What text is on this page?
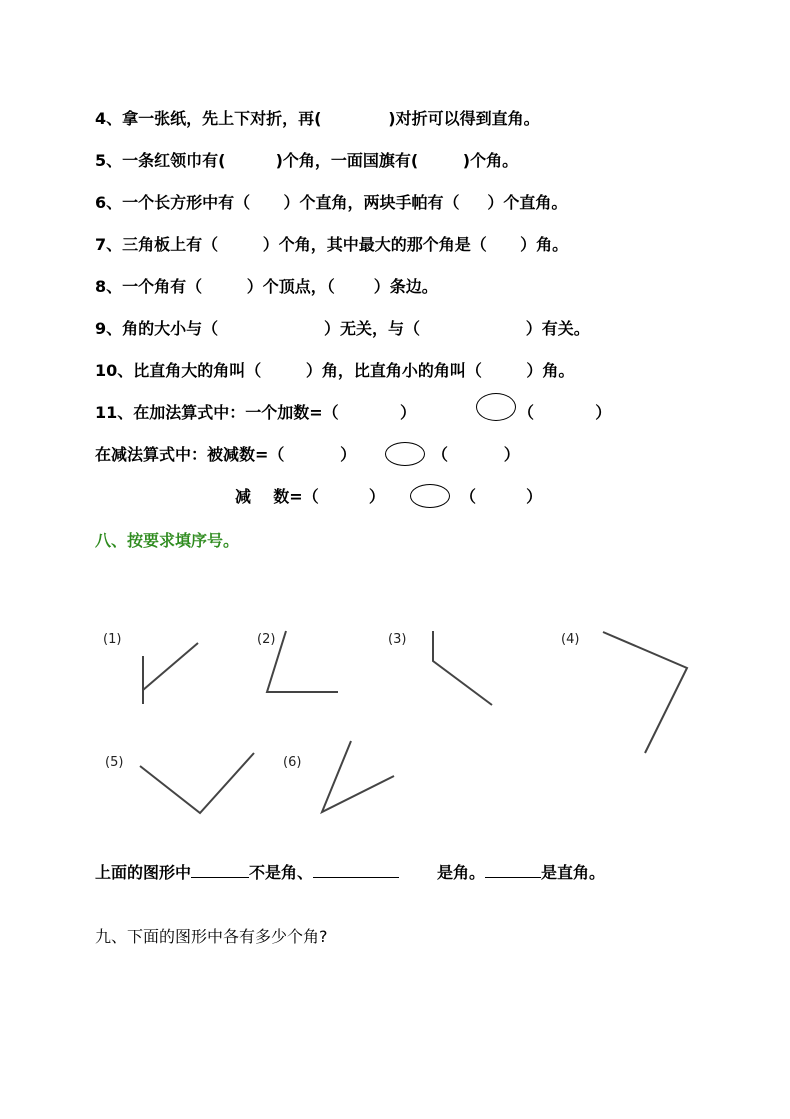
4、拿一张纸，先上下对折，再(            )对折可以得到直角。
5、一条红领巾有(         )个角，一面国旗有(        )个角。
6、一个长方形中有（      ）个直角，两块手帕有（     ）个直角。
7、三角板上有（        ）个角，其中最大的那个角是（      ）角。
8、一个角有（        ）个顶点，（       ）条边。
9、角的大小与（                   ）无关，与（                   ）有关。
10、比直角大的角叫（        ）角，比直角小的角叫（        ）角。
11、在加法算式中：一个加数=（           ）	（           ）
在减法算式中：被减数=（          ）	（          ）
减    数=（         ）	（         ）
八、按要求填序号。
(1)	(2)	(3)	(4)
(5)	(6)
上面的图形中	不是角、	是角。	是直角。
九、下面的图形中各有多少个角?
